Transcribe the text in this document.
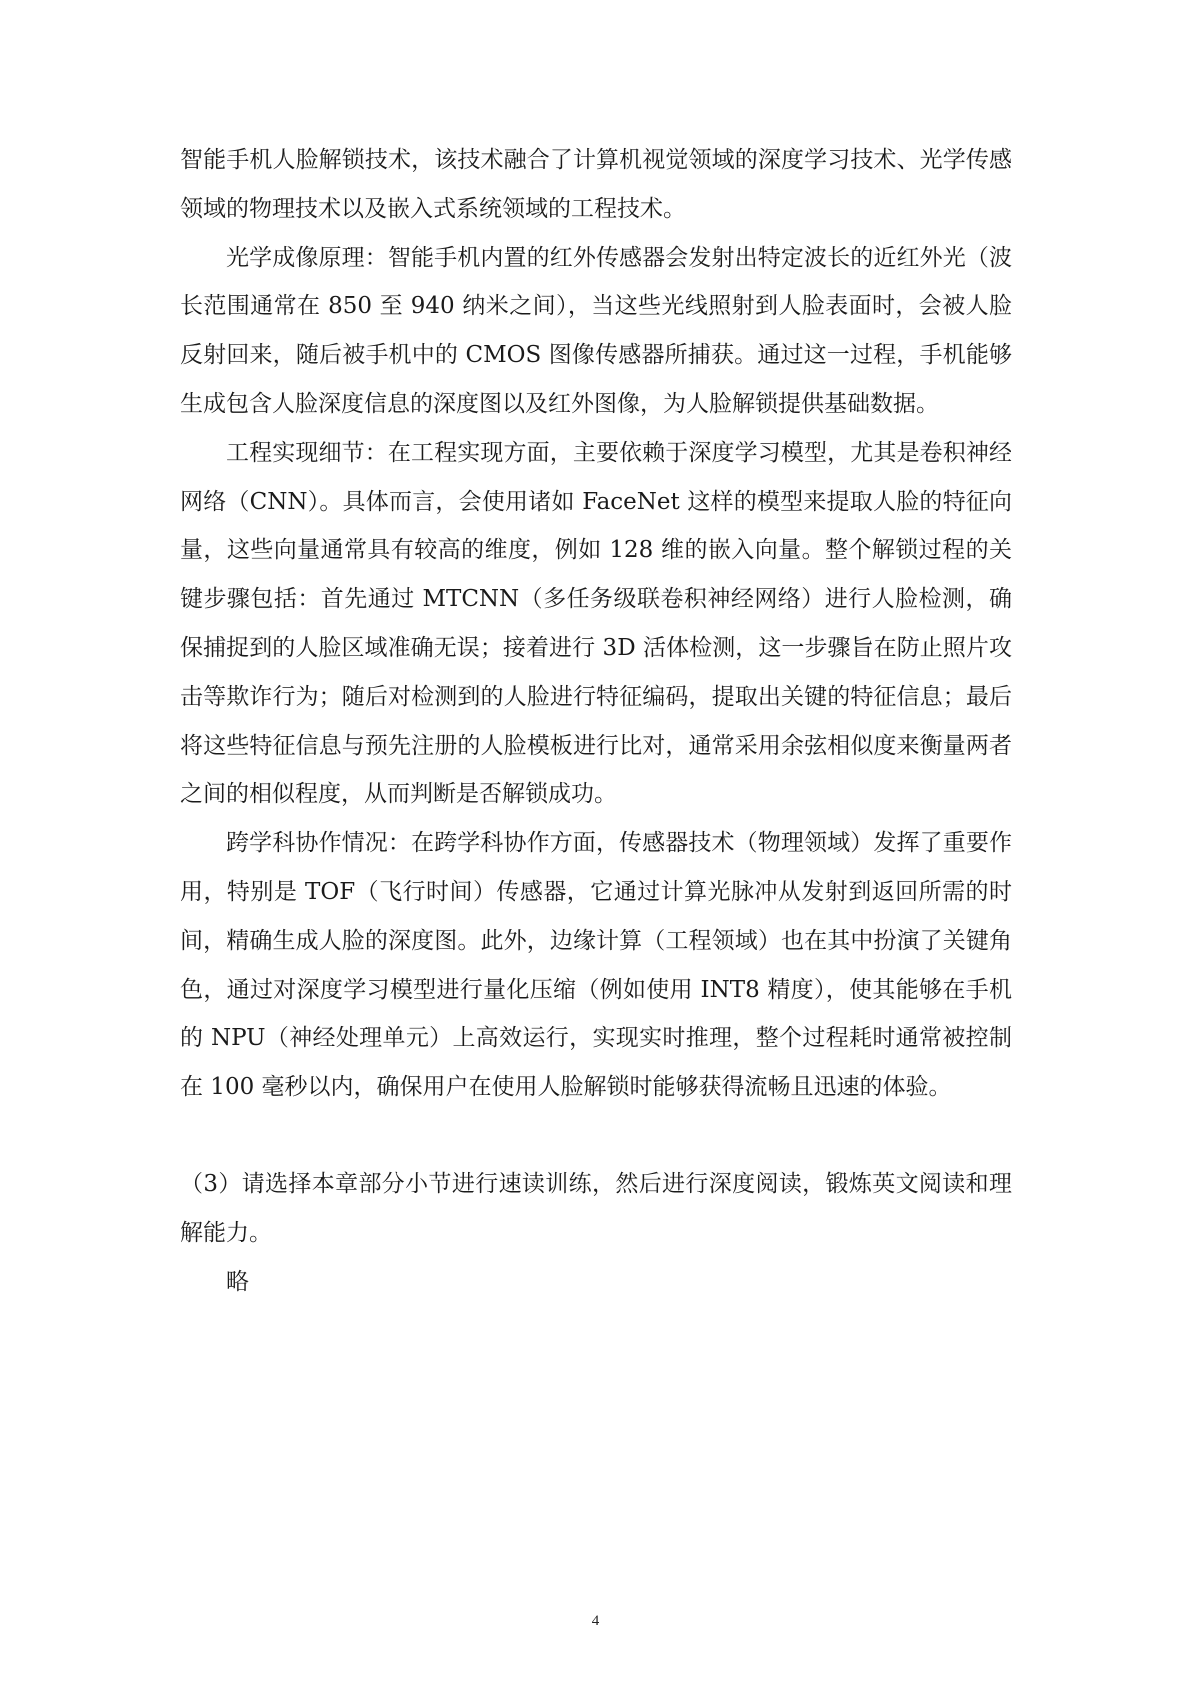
智能手机人脸解锁技术，该技术融合了计算机视觉领域的深度学习技术、光学传感领域的物理技术以及嵌入式系统领域的工程技术。

光学成像原理：智能手机内置的红外传感器会发射出特定波长的近红外光（波长范围通常在 850 至 940 纳米之间），当这些光线照射到人脸表面时，会被人脸反射回来，随后被手机中的 CMOS 图像传感器所捕获。通过这一过程，手机能够生成包含人脸深度信息的深度图以及红外图像，为人脸解锁提供基础数据。

工程实现细节：在工程实现方面，主要依赖于深度学习模型，尤其是卷积神经网络（CNN）。具体而言，会使用诸如 FaceNet 这样的模型来提取人脸的特征向量，这些向量通常具有较高的维度，例如 128 维的嵌入向量。整个解锁过程的关键步骤包括：首先通过 MTCNN（多任务级联卷积神经网络）进行人脸检测，确保捕捉到的人脸区域准确无误；接着进行 3D 活体检测，这一步骤旨在防止照片攻击等欺诈行为；随后对检测到的人脸进行特征编码，提取出关键的特征信息；最后将这些特征信息与预先注册的人脸模板进行比对，通常采用余弦相似度来衡量两者之间的相似程度，从而判断是否解锁成功。

跨学科协作情况：在跨学科协作方面，传感器技术（物理领域）发挥了重要作用，特别是 TOF（飞行时间）传感器，它通过计算光脉冲从发射到返回所需的时间，精确生成人脸的深度图。此外，边缘计算（工程领域）也在其中扮演了关键角色，通过对深度学习模型进行量化压缩（例如使用 INT8 精度），使其能够在手机的 NPU（神经处理单元）上高效运行，实现实时推理，整个过程耗时通常被控制在 100 毫秒以内，确保用户在使用人脸解锁时能够获得流畅且迅速的体验。

（3）请选择本章部分小节进行速读训练，然后进行深度阅读，锻炼英文阅读和理解能力。

略

4
